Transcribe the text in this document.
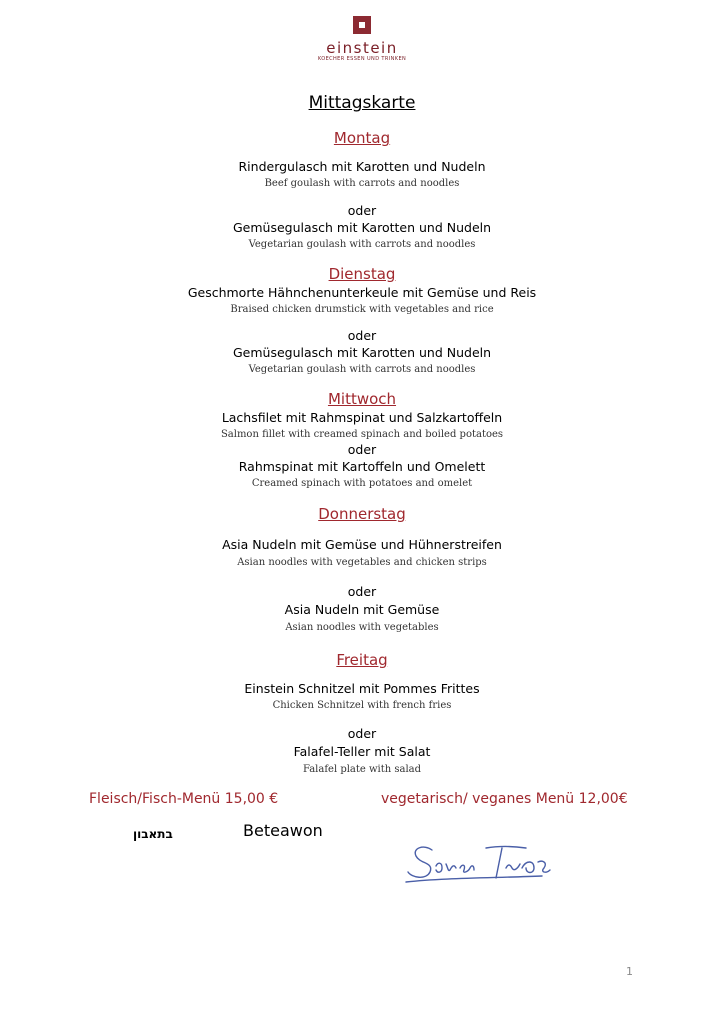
einstein
KOECHER ESSEN UND TRINKEN
Mittagskarte
Montag
Rindergulasch mit Karotten und Nudeln
Beef goulash with carrots and noodles
oder
Gemüsegulasch mit Karotten und Nudeln
Vegetarian goulash with carrots and noodles
Dienstag
Geschmorte Hähnchenunterkeule mit Gemüse und Reis
Braised chicken drumstick with vegetables and rice
oder
Gemüsegulasch mit Karotten und Nudeln
Vegetarian goulash with carrots and noodles
Mittwoch
Lachsfilet mit Rahmspinat und Salzkartoffeln
Salmon fillet with creamed spinach and boiled potatoes
oder
Rahmspinat mit Kartoffeln und Omelett
Creamed spinach with potatoes and omelet
Donnerstag
Asia Nudeln mit Gemüse und Hühnerstreifen
Asian noodles with vegetables and chicken strips
oder
Asia Nudeln mit Gemüse
Asian noodles with vegetables
Freitag
Einstein Schnitzel mit Pommes Frittes
Chicken Schnitzel with french fries
oder
Falafel-Teller mit Salat
Falafel plate with salad
Fleisch/Fisch-Menü 15,00 €	vegetarisch/ veganes Menü 12,00€
בתאבון	Beteawon
1
